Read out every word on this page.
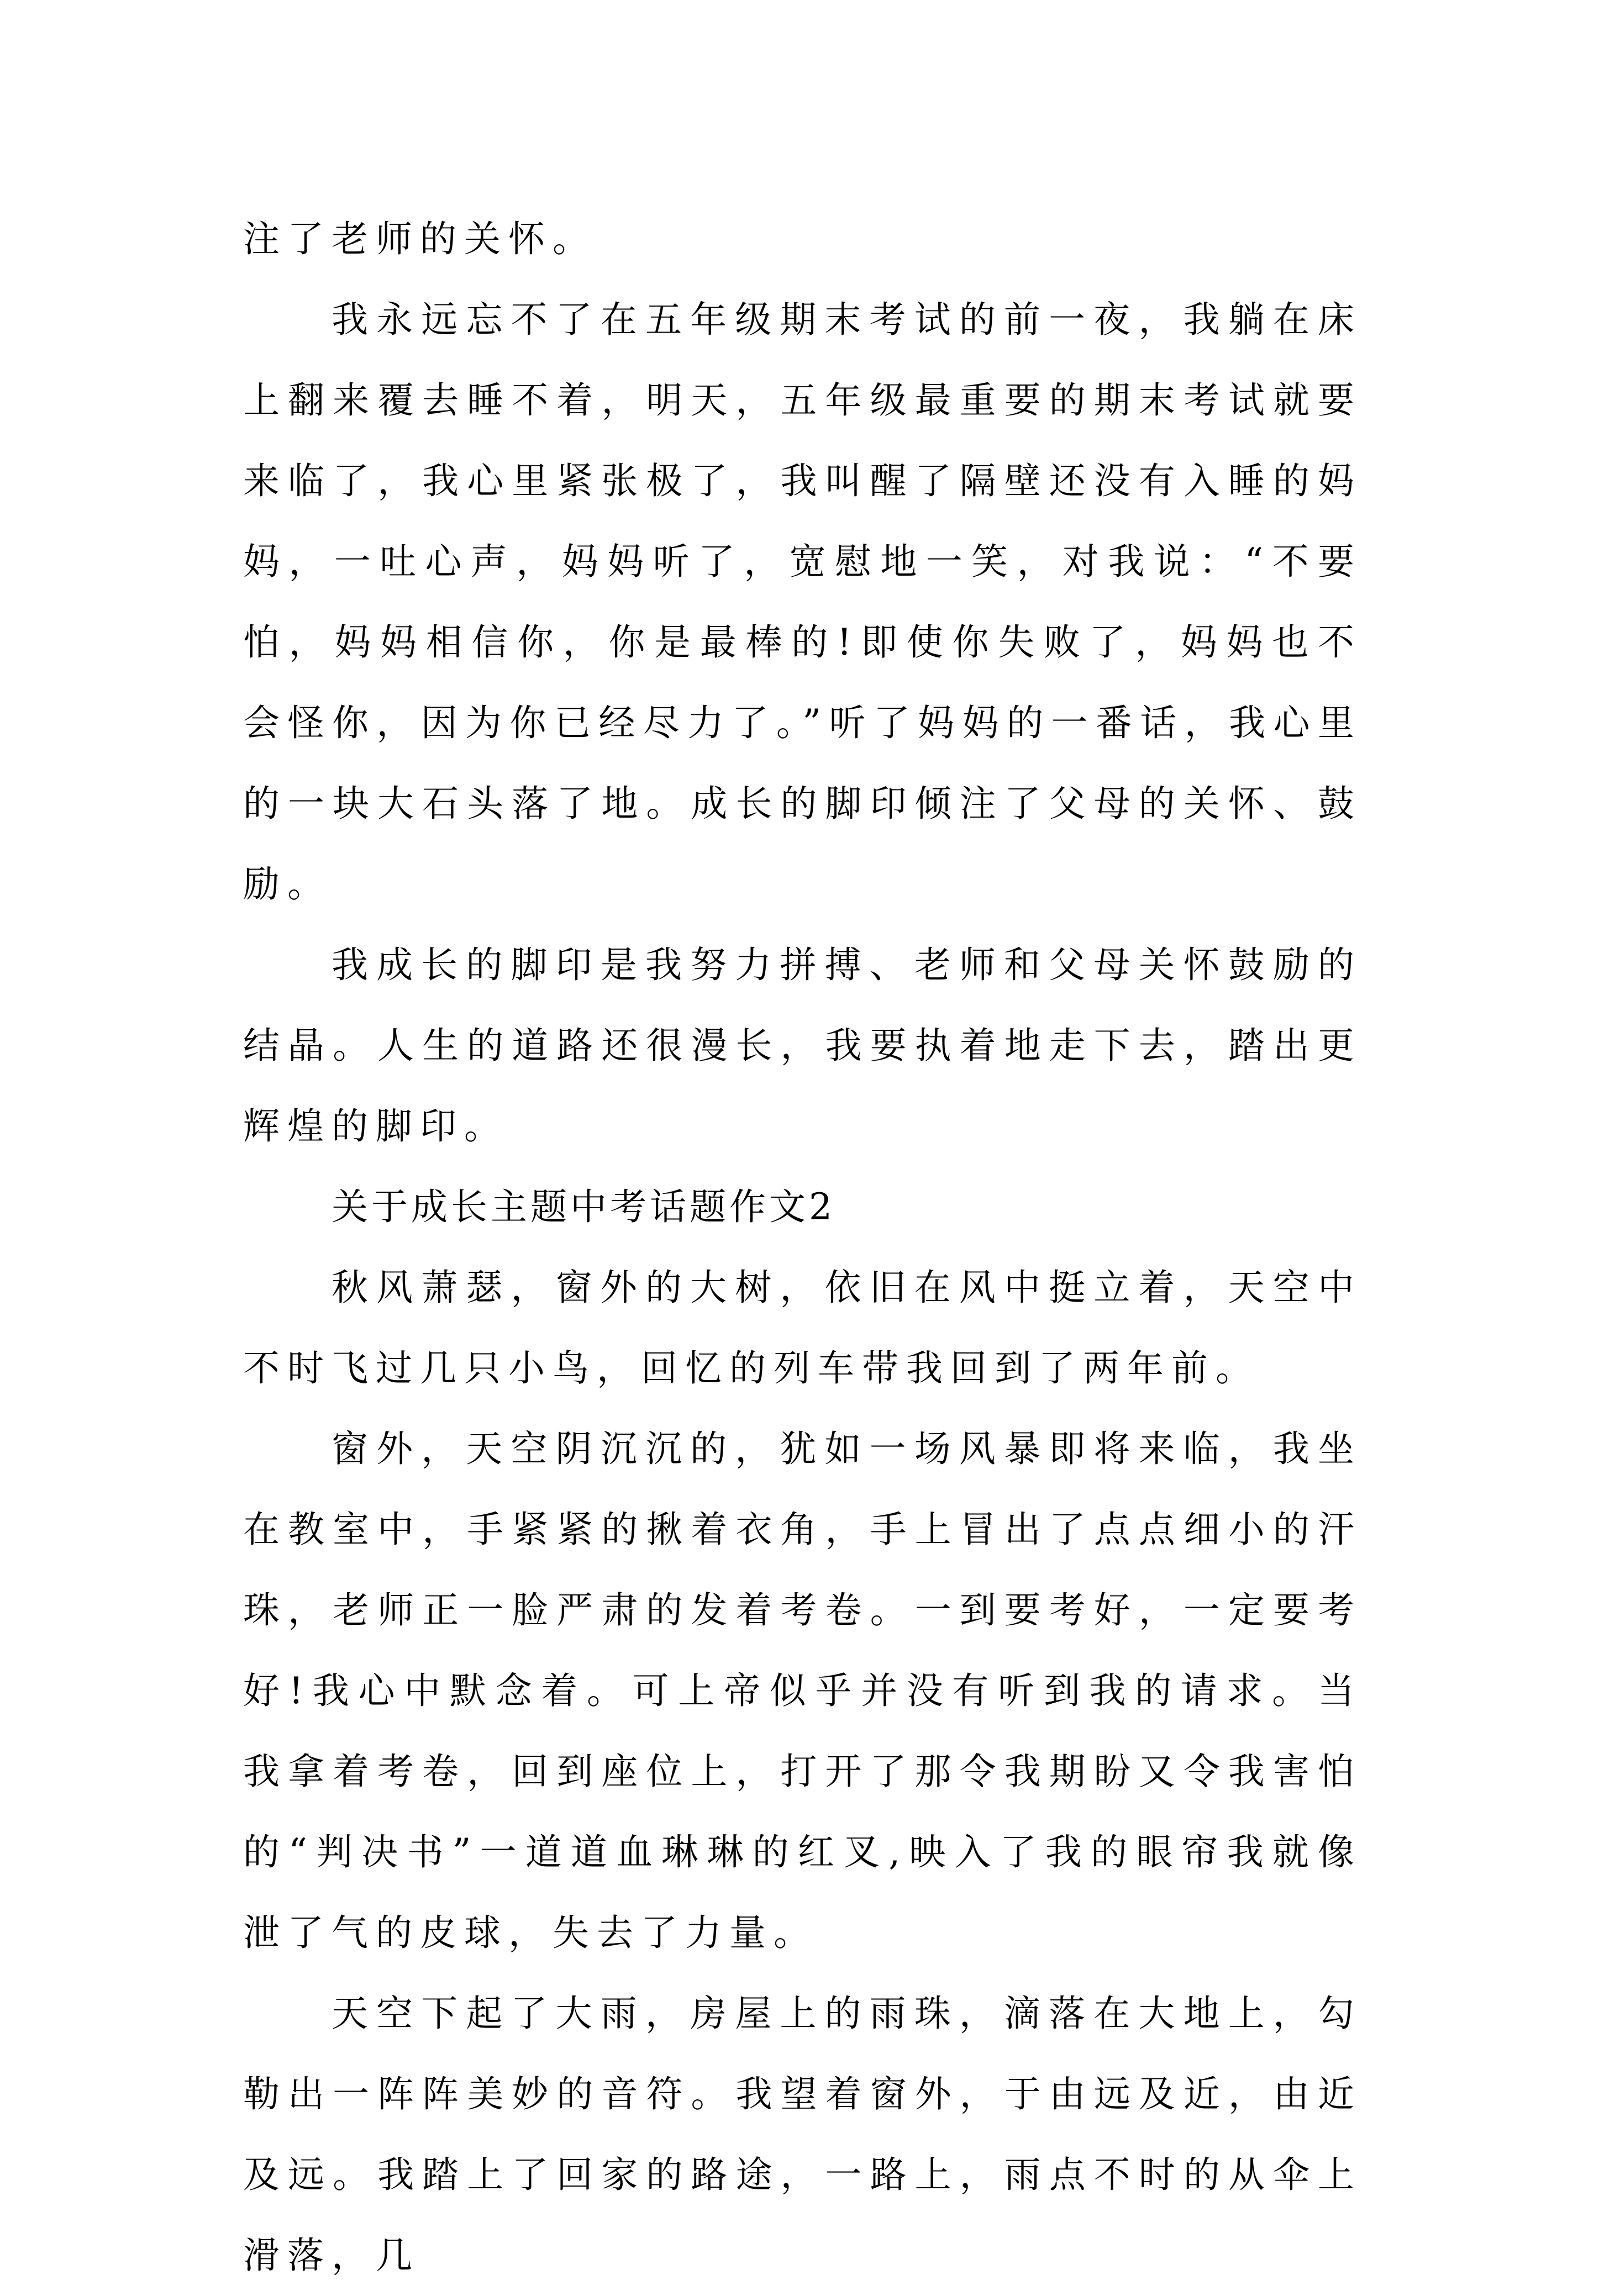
注了老师的关怀。

我永远忘不了在五年级期末考试的前一夜，我躺在床上翻来覆去睡不着，明天，五年级最重要的期末考试就要来临了，我心里紧张极了，我叫醒了隔壁还没有入睡的妈妈，一吐心声，妈妈听了，宽慰地一笑，对我说：“不要怕，妈妈相信你，你是最棒的!即使你失败了，妈妈也不会怪你，因为你已经尽力了。”听了妈妈的一番话，我心里的一块大石头落了地。成长的脚印倾注了父母的关怀、鼓励。

我成长的脚印是我努力拼搏、老师和父母关怀鼓励的结晶。人生的道路还很漫长，我要执着地走下去，踏出更辉煌的脚印。

关于成长主题中考话题作文2

秋风萧瑟，窗外的大树，依旧在风中挺立着，天空中不时飞过几只小鸟，回忆的列车带我回到了两年前。

窗外，天空阴沉沉的，犹如一场风暴即将来临，我坐在教室中，手紧紧的揪着衣角，手上冒出了点点细小的汗珠，老师正一脸严肃的发着考卷。一到要考好，一定要考好!我心中默念着。可上帝似乎并没有听到我的请求。当我拿着考卷，回到座位上，打开了那令我期盼又令我害怕的“判决书”一道道血琳琳的红叉,映入了我的眼帘我就像泄了气的皮球，失去了力量。

天空下起了大雨，房屋上的雨珠，滴落在大地上，勾勒出一阵阵美妙的音符。我望着窗外，于由远及近，由近及远。我踏上了回家的路途，一路上，雨点不时的从伞上滑落，几
